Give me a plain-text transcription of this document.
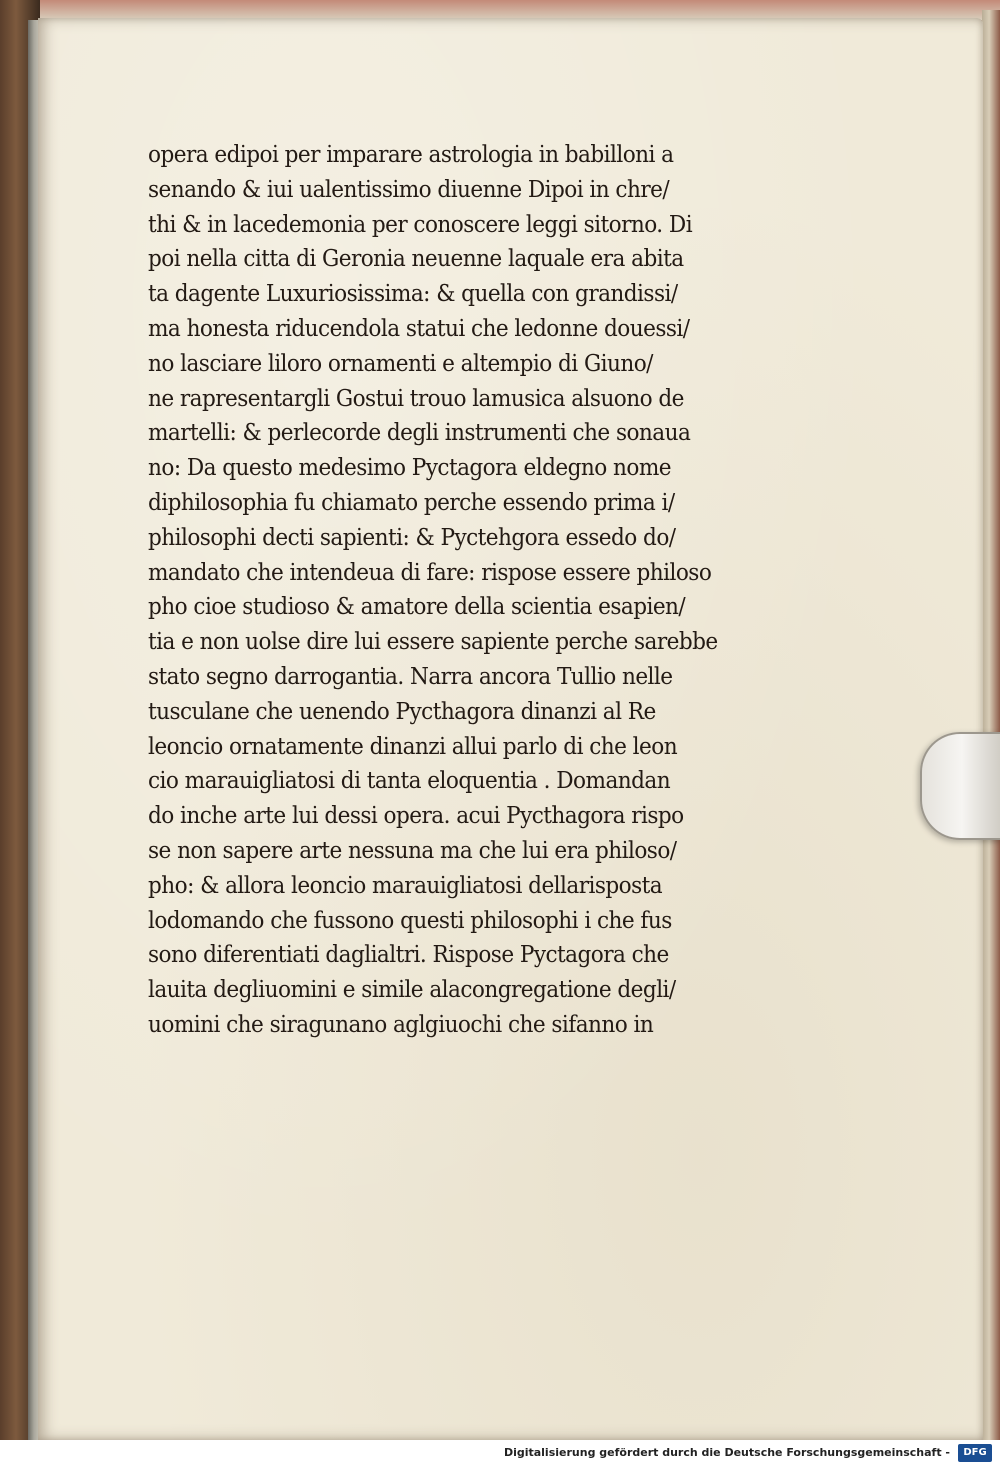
opera edipoi per imparare astrologia in babilloni a
senando & iui ualentissimo diuenne Dipoi in chre/
thi & in lacedemonia per conoscere leggi sitorno. Di
poi nella citta di Geronia neuenne laquale era abita
ta dagente Luxuriosissima: & quella con grandissi/
ma honesta riducendola statui che ledonne douessi/
no lasciare liloro ornamenti e altempio di Giuno/
ne rapresentargli Gostui trouo lamusica alsuono de
martelli: & perlecorde degli instrumenti che sonaua
no: Da questo medesimo Pyctagora eldegno nome
diphilosophia fu chiamato perche essendo prima i/
philosophi decti sapienti: & Pyctehgora essedo do/
mandato che intendeua di fare: rispose essere philoso
pho cioe studioso & amatore della scientia esapien/
tia e non uolse dire lui essere sapiente perche sarebbe
stato segno darrogantia. Narra ancora Tullio nelle
tusculane che uenendo Pycthagora dinanzi al Re
leoncio ornatamente dinanzi allui parlo di che leon
cio marauigliatosi di tanta eloquentia . Domandan
do inche arte lui dessi opera. acui Pycthagora rispo
se non sapere arte nessuna ma che lui era philoso/
pho: & allora leoncio marauigliatosi dellarisposta
lodomando che fussono questi philosophi i che fus
sono diferentiati daglialtri. Rispose Pyctagora che
lauita degliuomini e simile alacongregatione degli/
uomini che siragunano aglgiuochi che sifanno in
Digitalisierung gefördert durch die Deutsche Forschungsgemeinschaft -	DFG
